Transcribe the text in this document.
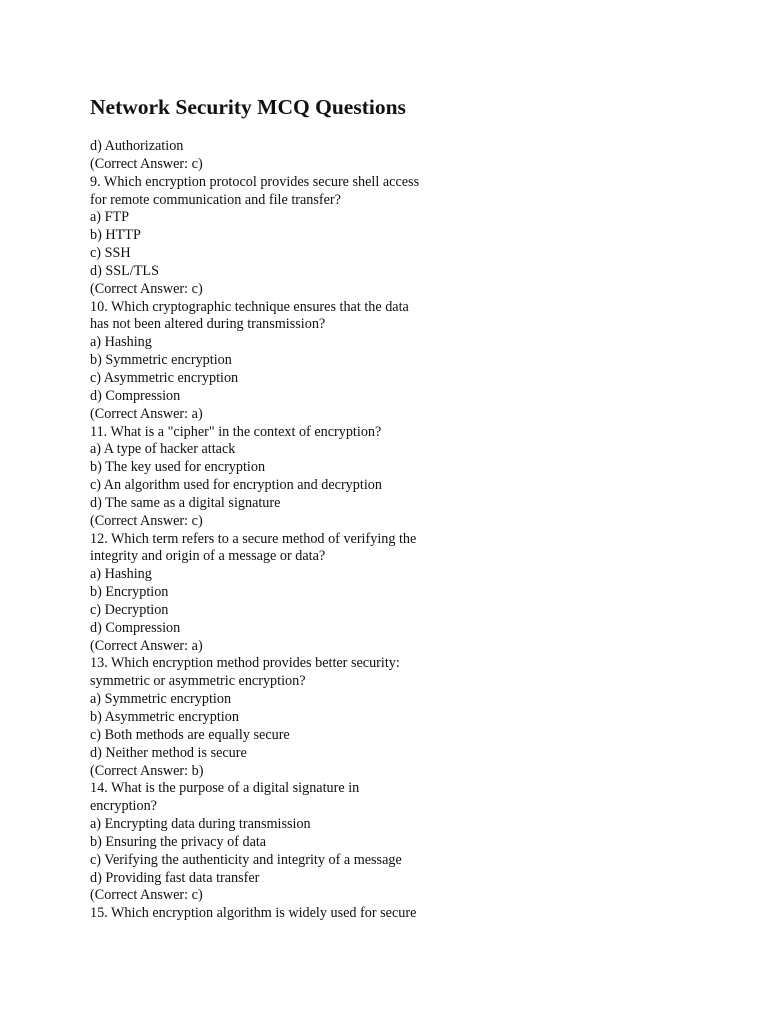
Network Security MCQ Questions
d) Authorization
(Correct Answer: c)
9. Which encryption protocol provides secure shell access
for remote communication and file transfer?
a) FTP
b) HTTP
c) SSH
d) SSL/TLS
(Correct Answer: c)
10. Which cryptographic technique ensures that the data
has not been altered during transmission?
a) Hashing
b) Symmetric encryption
c) Asymmetric encryption
d) Compression
(Correct Answer: a)
11. What is a "cipher" in the context of encryption?
a) A type of hacker attack
b) The key used for encryption
c) An algorithm used for encryption and decryption
d) The same as a digital signature
(Correct Answer: c)
12. Which term refers to a secure method of verifying the
integrity and origin of a message or data?
a) Hashing
b) Encryption
c) Decryption
d) Compression
(Correct Answer: a)
13. Which encryption method provides better security:
symmetric or asymmetric encryption?
a) Symmetric encryption
b) Asymmetric encryption
c) Both methods are equally secure
d) Neither method is secure
(Correct Answer: b)
14. What is the purpose of a digital signature in
encryption?
a) Encrypting data during transmission
b) Ensuring the privacy of data
c) Verifying the authenticity and integrity of a message
d) Providing fast data transfer
(Correct Answer: c)
15. Which encryption algorithm is widely used for secure
